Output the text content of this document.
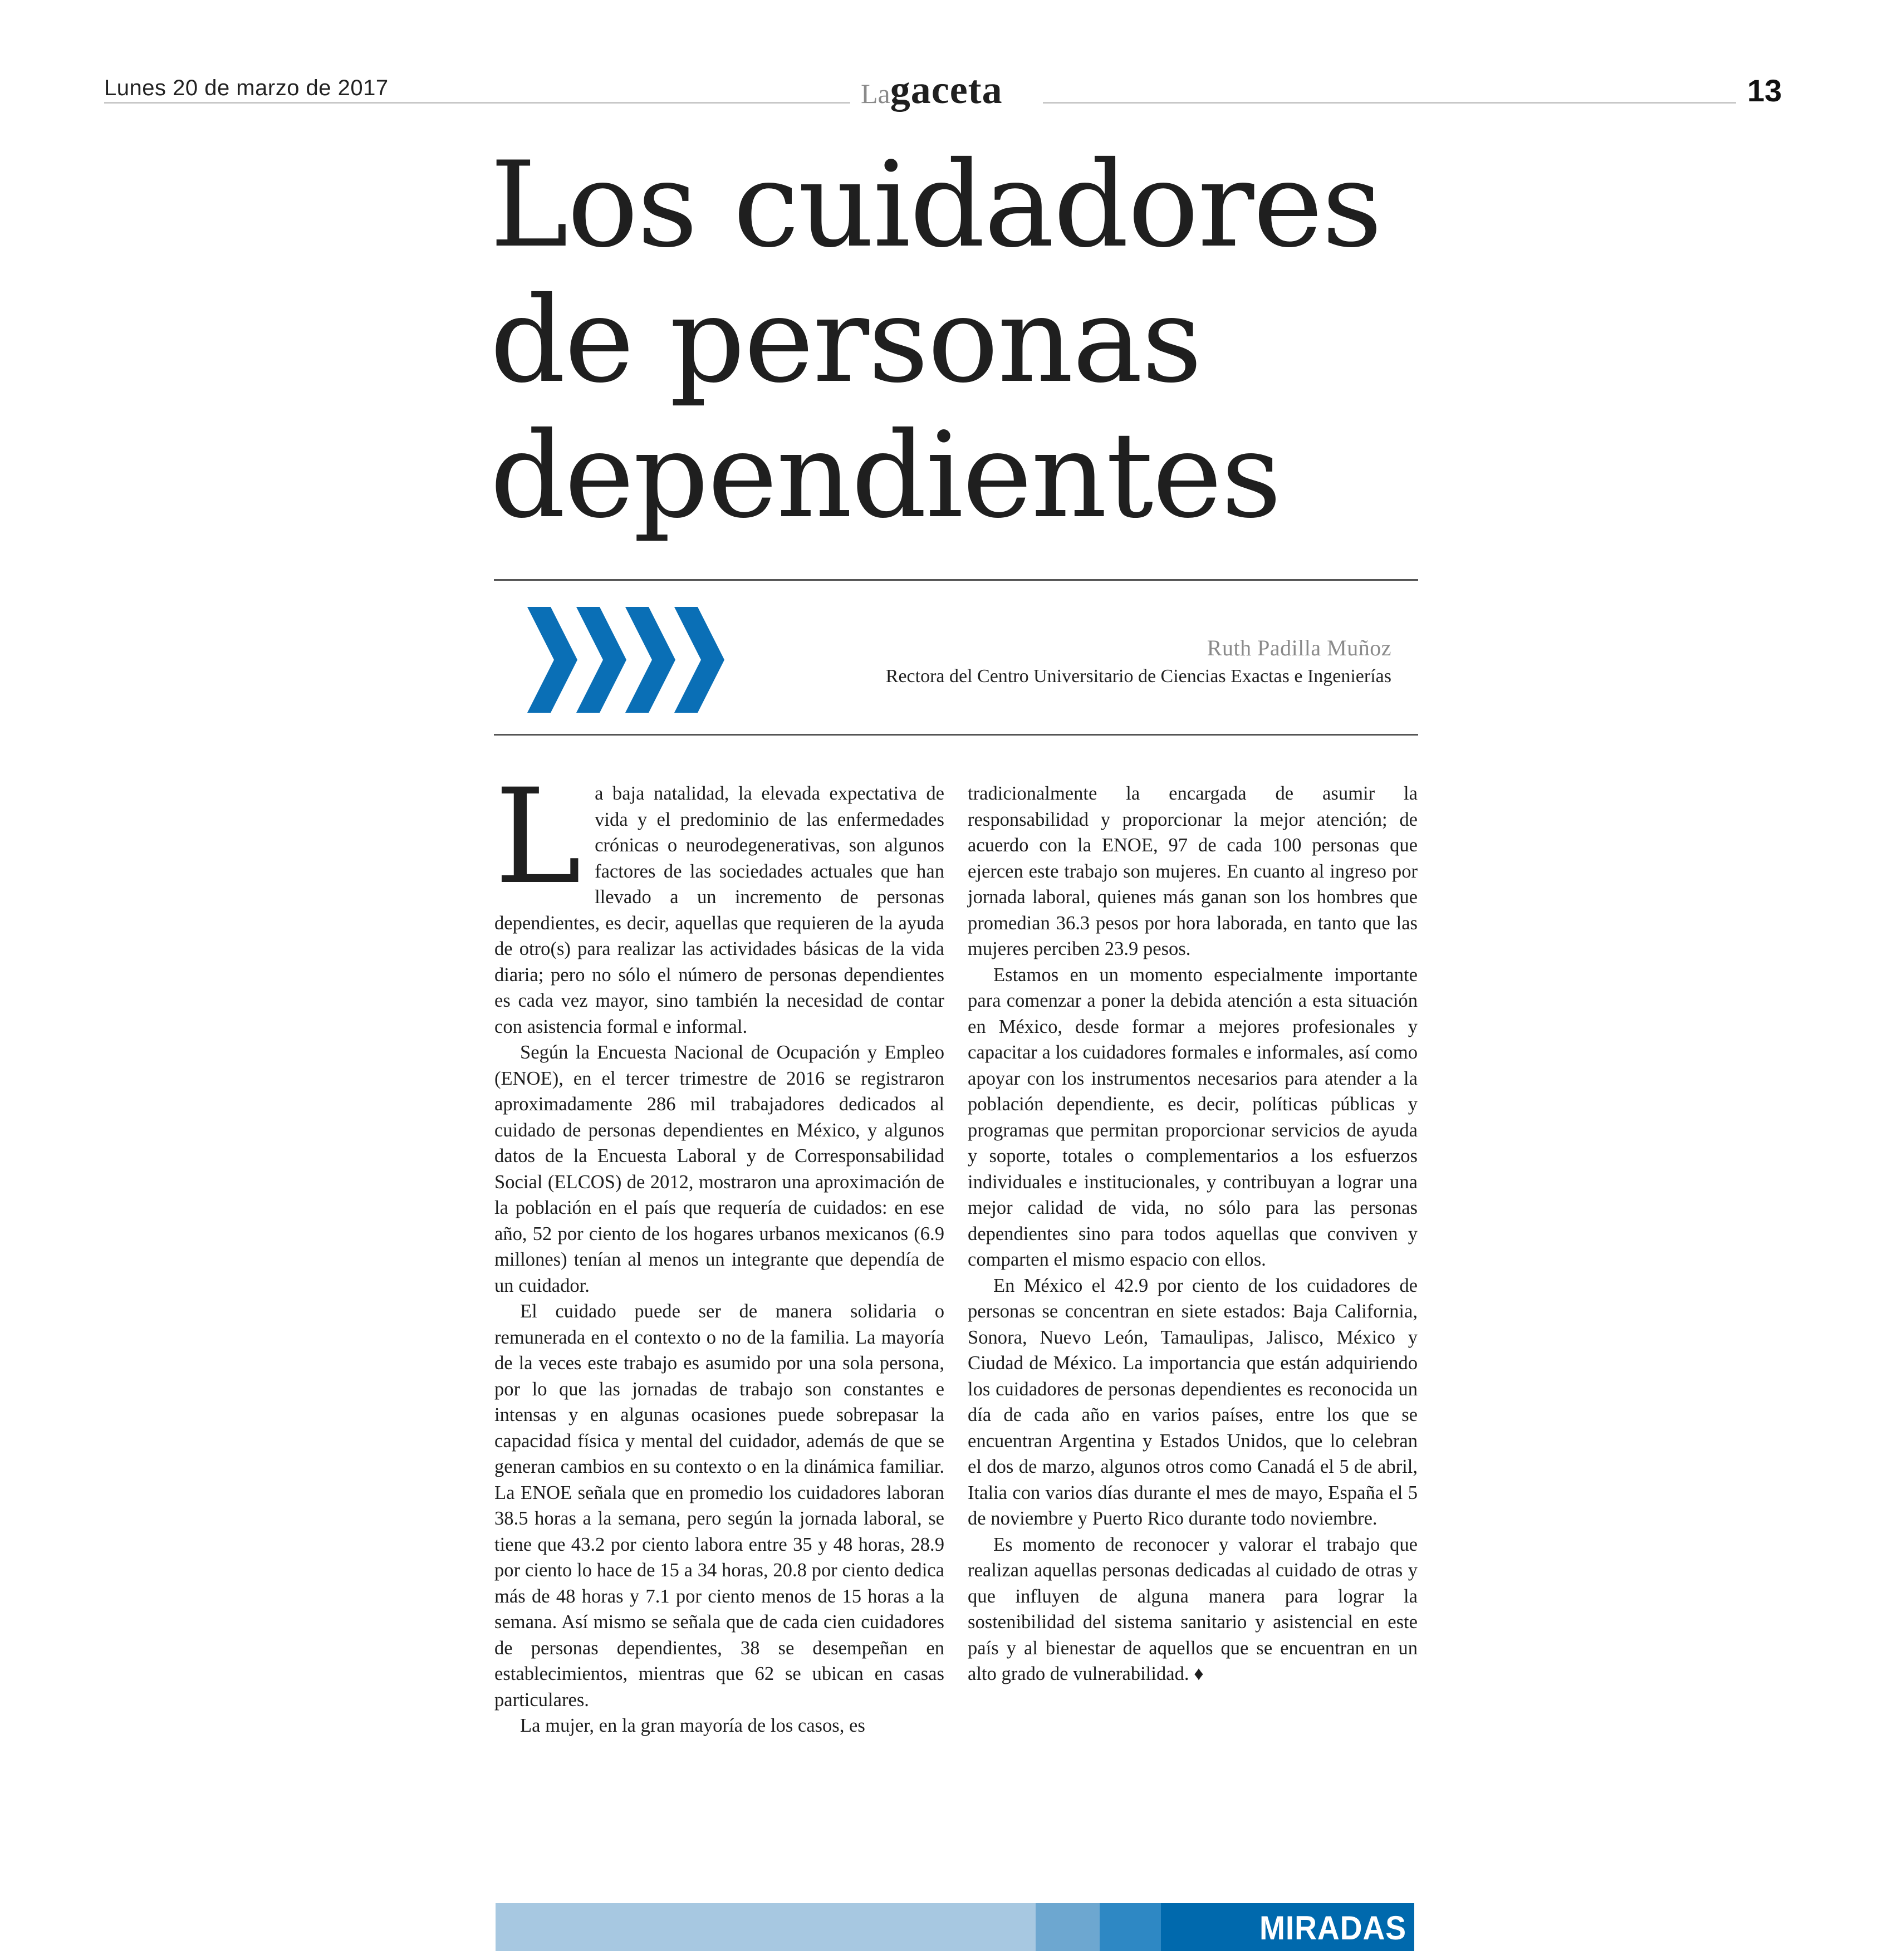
Lunes 20 de marzo de 2017	Lagaceta	13
Los cuidadores de personas dependientes
Ruth Padilla Muñoz
Rectora del Centro Universitario de Ciencias Exactas e Ingenierías

La baja natalidad, la elevada expectativa de vida y el predominio de las enfermedades crónicas o neurodegenerativas, son algunos factores de las sociedades actuales que han llevado a un incremento de personas dependientes, es decir, aquellas que requieren de la ayuda de otro(s) para realizar las actividades básicas de la vida diaria; pero no sólo el número de personas dependientes es cada vez mayor, sino también la necesidad de contar con asistencia formal e informal.

Según la Encuesta Nacional de Ocupación y Empleo (ENOE), en el tercer trimestre de 2016 se registraron aproximadamente 286 mil trabajadores dedicados al cuidado de personas dependientes en México, y algunos datos de la Encuesta Laboral y de Corresponsabilidad Social (ELCOS) de 2012, mostraron una aproximación de la población en el país que requería de cuidados: en ese año, 52 por ciento de los hogares urbanos mexicanos (6.9 millones) tenían al menos un integrante que dependía de un cuidador.

El cuidado puede ser de manera solidaria o remunerada en el contexto o no de la familia. La mayoría de la veces este trabajo es asumido por una sola persona, por lo que las jornadas de trabajo son constantes e intensas y en algunas ocasiones puede sobrepasar la capacidad física y mental del cuidador, además de que se generan cambios en su contexto o en la dinámica familiar. La ENOE señala que en promedio los cuidadores laboran 38.5 horas a la semana, pero según la jornada laboral, se tiene que 43.2 por ciento labora entre 35 y 48 horas, 28.9 por ciento lo hace de 15 a 34 horas, 20.8 por ciento dedica más de 48 horas y 7.1 por ciento menos de 15 horas a la semana. Así mismo se señala que de cada cien cuidadores de personas dependientes, 38 se desempeñan en establecimientos, mientras que 62 se ubican en casas particulares.

La mujer, en la gran mayoría de los casos, es

tradicionalmente la encargada de asumir la responsabilidad y proporcionar la mejor atención; de acuerdo con la ENOE, 97 de cada 100 personas que ejercen este trabajo son mujeres. En cuanto al ingreso por jornada laboral, quienes más ganan son los hombres que promedian 36.3 pesos por hora laborada, en tanto que las mujeres perciben 23.9 pesos.

Estamos en un momento especialmente importante para comenzar a poner la debida atención a esta situación en México, desde formar a mejores profesionales y capacitar a los cuidadores formales e informales, así como apoyar con los instrumentos necesarios para atender a la población dependiente, es decir, políticas públicas y programas que permitan proporcionar servicios de ayuda y soporte, totales o complementarios a los esfuerzos individuales e institucionales, y contribuyan a lograr una mejor calidad de vida, no sólo para las personas dependientes sino para todos aquellas que conviven y comparten el mismo espacio con ellos.

En México el 42.9 por ciento de los cuidadores de personas se concentran en siete estados: Baja California, Sonora, Nuevo León, Tamaulipas, Jalisco, México y Ciudad de México. La importancia que están adquiriendo los cuidadores de personas dependientes es reconocida un día de cada año en varios países, entre los que se encuentran Argentina y Estados Unidos, que lo celebran el dos de marzo, algunos otros como Canadá el 5 de abril, Italia con varios días durante el mes de mayo, España el 5 de noviembre y Puerto Rico durante todo noviembre.

Es momento de reconocer y valorar el trabajo que realizan aquellas personas dedicadas al cuidado de otras y que influyen de alguna manera para lograr la sostenibilidad del sistema sanitario y asistencial en este país y al bienestar de aquellos que se encuentran en un alto grado de vulnerabilidad. ♦

MIRADAS
